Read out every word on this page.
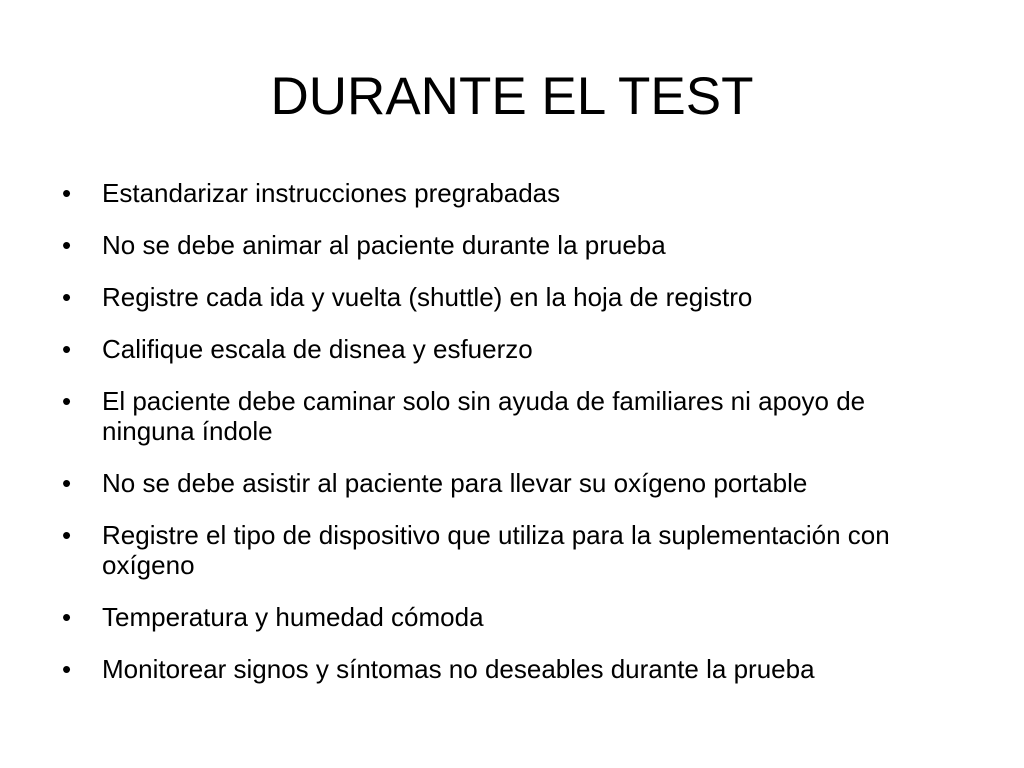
DURANTE EL TEST
•	Estandarizar instrucciones pregrabadas
•	No se debe animar al paciente durante la prueba
•	Registre cada ida y vuelta (shuttle) en la hoja de registro
•	Califique escala de disnea y esfuerzo
•	El paciente debe caminar solo sin ayuda de familiares ni apoyo de ninguna índole
•	No se debe asistir al paciente para llevar su oxígeno portable
•	Registre el tipo de dispositivo que utiliza para la suplementación con oxígeno
•	Temperatura y humedad cómoda
•	Monitorear signos y síntomas no deseables durante la prueba
